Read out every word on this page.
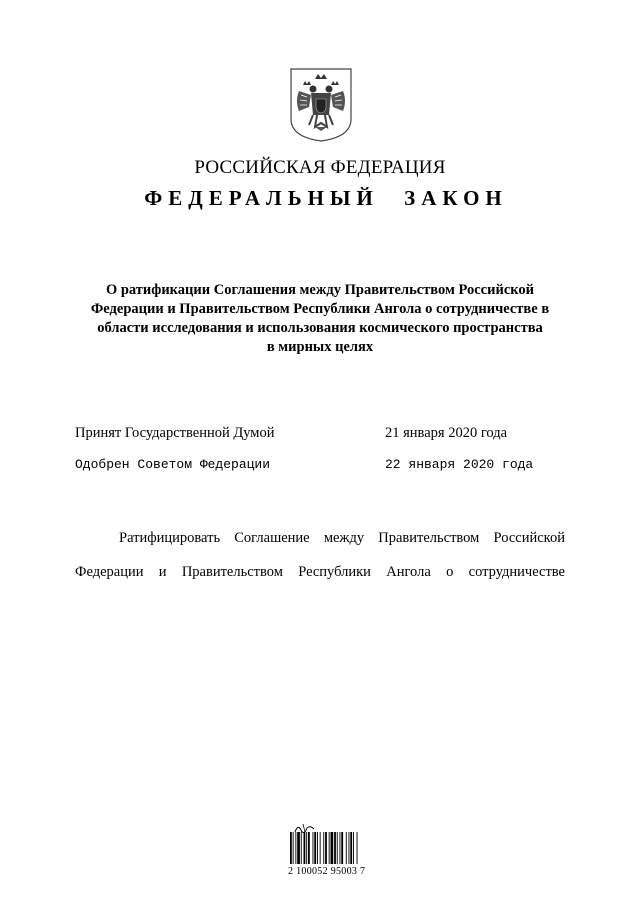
РОССИЙСКАЯ ФЕДЕРАЦИЯ
ФЕДЕРАЛЬНЫЙ ЗАКОН
О ратификации Соглашения между Правительством Российской
Федерации и Правительством Республики Ангола о сотрудничестве в
области исследования и использования космического пространства
в мирных целях
Принят Государственной Думой	21 января 2020 года
Одобрен Советом Федерации	22 января 2020 года
Ратифицировать Соглашение между Правительством Российской
Федерации и Правительством Республики Ангола о сотрудничестве
2 100052 95003 7
